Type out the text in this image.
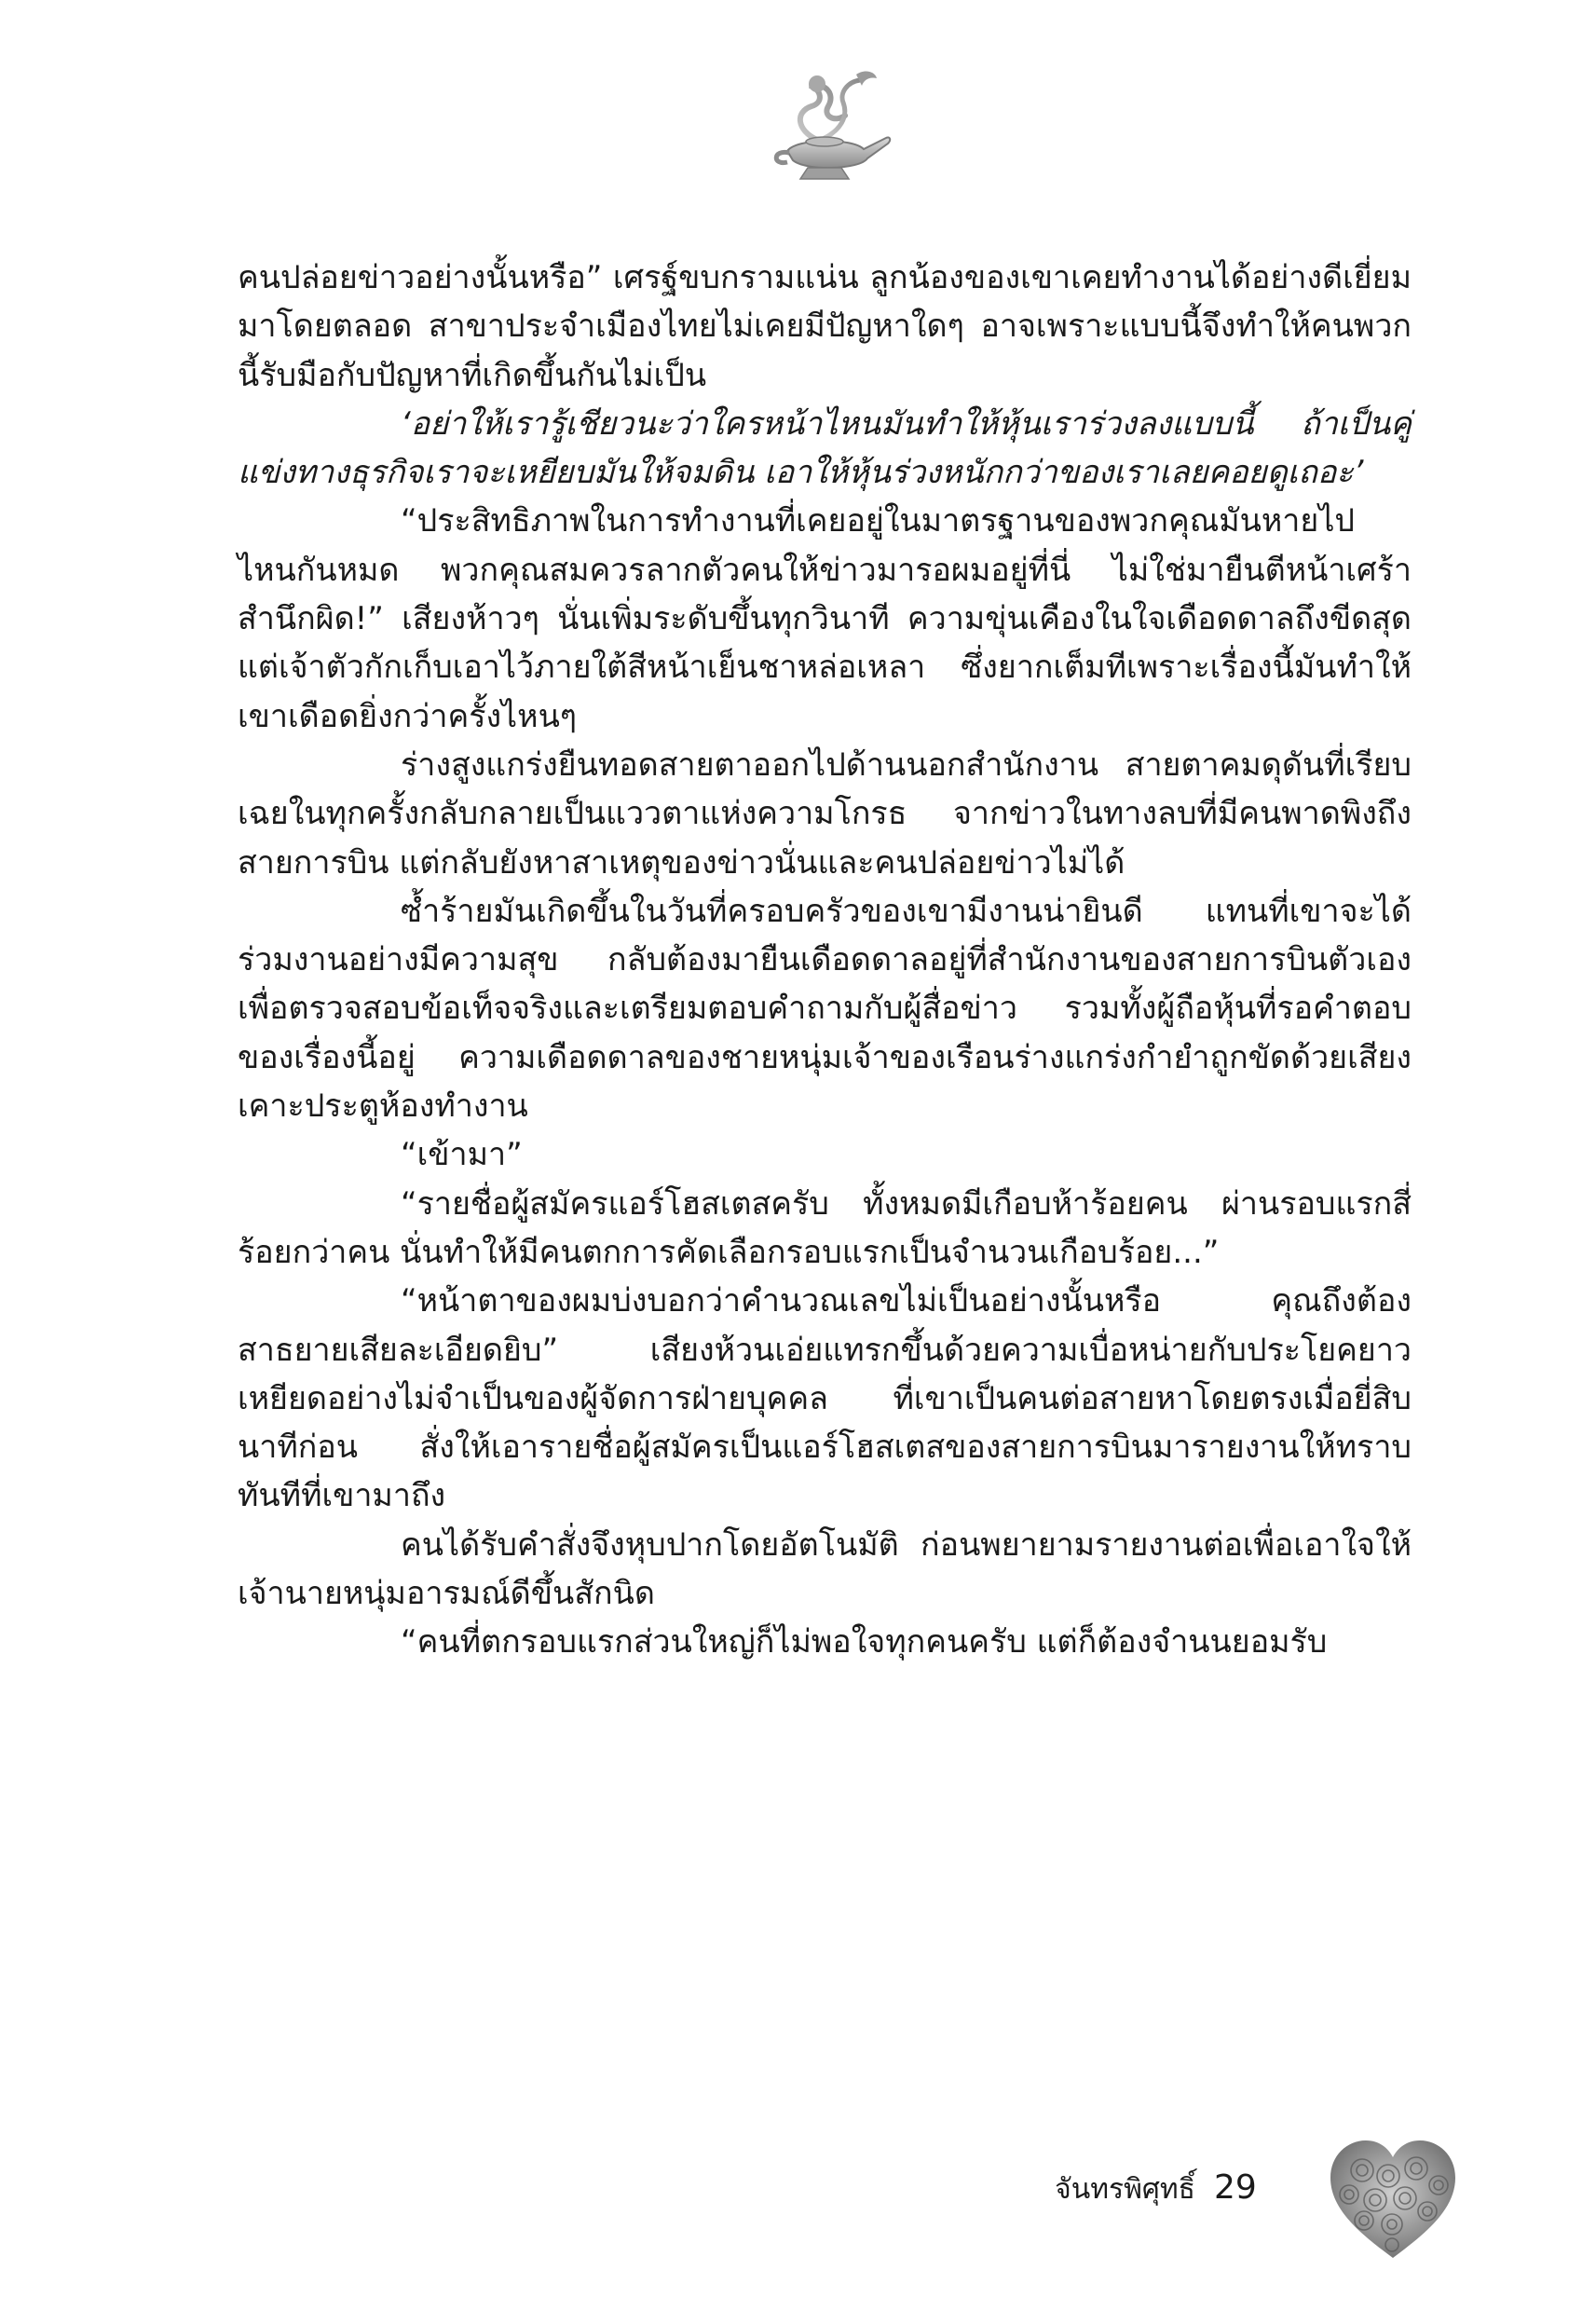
คนปล่อยข่าวอย่างนั้นหรือ” เศรฐ์ขบกรามแน่น ลูกน้องของเขาเคยทำงานได้อย่างดีเยี่ยมมาโดยตลอด สาขาประจำเมืองไทยไม่เคยมีปัญหาใดๆ อาจเพราะแบบนี้จึงทำให้คนพวกนี้รับมือกับปัญหาที่เกิดขึ้นกันไม่เป็น

‘อย่าให้เรารู้เชียวนะว่าใครหน้าไหนมันทำให้หุ้นเราร่วงลงแบบนี้ ถ้าเป็นคู่แข่งทางธุรกิจเราจะเหยียบมันให้จมดิน เอาให้หุ้นร่วงหนักกว่าของเราเลยคอยดูเถอะ’

“ประสิทธิภาพในการทำงานที่เคยอยู่ในมาตรฐานของพวกคุณมันหายไปไหนกันหมด พวกคุณสมควรลากตัวคนให้ข่าวมารอผมอยู่ที่นี่ ไม่ใช่มายืนตีหน้าเศร้าสำนึกผิด!” เสียงห้าวๆ นั่นเพิ่มระดับขึ้นทุกวินาที ความขุ่นเคืองในใจเดือดดาลถึงขีดสุด แต่เจ้าตัวกักเก็บเอาไว้ภายใต้สีหน้าเย็นชาหล่อเหลา ซึ่งยากเต็มทีเพราะเรื่องนี้มันทำให้เขาเดือดยิ่งกว่าครั้งไหนๆ

ร่างสูงแกร่งยืนทอดสายตาออกไปด้านนอกสำนักงาน สายตาคมดุดันที่เรียบเฉยในทุกครั้งกลับกลายเป็นแววตาแห่งความโกรธ จากข่าวในทางลบที่มีคนพาดพิงถึงสายการบิน แต่กลับยังหาสาเหตุของข่าวนั่นและคนปล่อยข่าวไม่ได้

ซ้ำร้ายมันเกิดขึ้นในวันที่ครอบครัวของเขามีงานน่ายินดี แทนที่เขาจะได้ร่วมงานอย่างมีความสุข กลับต้องมายืนเดือดดาลอยู่ที่สำนักงานของสายการบินตัวเองเพื่อตรวจสอบข้อเท็จจริงและเตรียมตอบคำถามกับผู้สื่อข่าว รวมทั้งผู้ถือหุ้นที่รอคำตอบของเรื่องนี้อยู่ ความเดือดดาลของชายหนุ่มเจ้าของเรือนร่างแกร่งกำยำถูกขัดด้วยเสียงเคาะประตูห้องทำงาน

“เข้ามา”

“รายชื่อผู้สมัครแอร์โฮสเตสครับ ทั้งหมดมีเกือบห้าร้อยคน ผ่านรอบแรกสี่ร้อยกว่าคน นั่นทำให้มีคนตกการคัดเลือกรอบแรกเป็นจำนวนเกือบร้อย...”

“หน้าตาของผมบ่งบอกว่าคำนวณเลขไม่เป็นอย่างนั้นหรือ คุณถึงต้องสาธยายเสียละเอียดยิบ” เสียงห้วนเอ่ยแทรกขึ้นด้วยความเบื่อหน่ายกับประโยคยาวเหยียดอย่างไม่จำเป็นของผู้จัดการฝ่ายบุคคล ที่เขาเป็นคนต่อสายหาโดยตรงเมื่อยี่สิบนาทีก่อน สั่งให้เอารายชื่อผู้สมัครเป็นแอร์โฮสเตสของสายการบินมารายงานให้ทราบทันทีที่เขามาถึง

คนได้รับคำสั่งจึงหุบปากโดยอัตโนมัติ ก่อนพยายามรายงานต่อเพื่อเอาใจให้เจ้านายหนุ่มอารมณ์ดีขึ้นสักนิด

“คนที่ตกรอบแรกส่วนใหญ่ก็ไม่พอใจทุกคนครับ แต่ก็ต้องจำนนยอมรับ

จันทรพิศุทธิ์ 29
